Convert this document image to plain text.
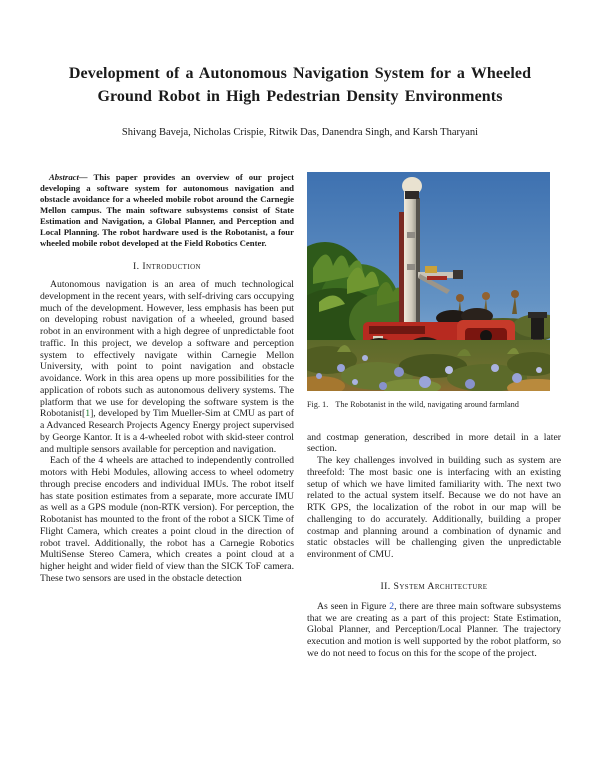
Development of a Autonomous Navigation System for a Wheeled Ground Robot in High Pedestrian Density Environments
Shivang Baveja, Nicholas Crispie, Ritwik Das, Danendra Singh, and Karsh Tharyani
Abstract— This paper provides an overview of our project developing a software system for autonomous navigation and obstacle avoidance for a wheeled mobile robot around the Carnegie Mellon campus. The main software subsystems consist of State Estimation and Navigation, a Global Planner, and Perception and Local Planning. The robot hardware used is the Robotanist, a four wheeled mobile robot developed at the Field Robotics Center.
I. Introduction
Autonomous navigation is an area of much technological development in the recent years, with self-driving cars occupying much of the development. However, less emphasis has been put on developing robust navigation of a wheeled, ground based robot in an environment with a high degree of unpredictable foot traffic. In this project, we develop a software and perception system to effectively navigate within Carnegie Mellon University, with point to point navigation and obstacle avoidance. Work in this area opens up more possibilities for the application of robots such as autonomous delivery systems. The platform that we use for developing the software system is the Robotanist[1], developed by Tim Mueller-Sim at CMU as part of a Advanced Research Projects Agency Energy project supervised by George Kantor. It is a 4-wheeled robot with skid-steer control and multiple sensors available for perception and navigation.
Each of the 4 wheels are attached to independently controlled motors with Hebi Modules, allowing access to wheel odometry through precise encoders and individual IMUs. The robot itself has state position estimates from a separate, more accurate IMU as well as a GPS module (non-RTK version). For perception, the Robotanist has mounted to the front of the robot a SICK Time of Flight Camera, which creates a point cloud in the direction of robot travel. Additionally, the robot has a Carnegie Robotics MultiSense Stereo Camera, which creates a point cloud at a higher height and wider field of view than the SICK ToF camera. These two sensors are used in the obstacle detection
Fig. 1. The Robotanist in the wild, navigating around farmland
and costmap generation, described in more detail in a later section.
The key challenges involved in building such as system are threefold: The most basic one is interfacing with an existing setup of which we have limited familiarity with. The next two related to the actual system itself. Because we do not have an RTK GPS, the localization of the robot in our map will be challenging to do accurately. Additionally, building a proper costmap and planning around a combination of dynamic and static obstacles will be challenging given the unpredictable environment of CMU.
II. System Architecture
As seen in Figure 2, there are three main software subsystems that we are creating as a part of this project: State Estimation, Global Planner, and Perception/Local Planner. The trajectory execution and motion is well supported by the robot platform, so we do not need to focus on this for the scope of the project.
